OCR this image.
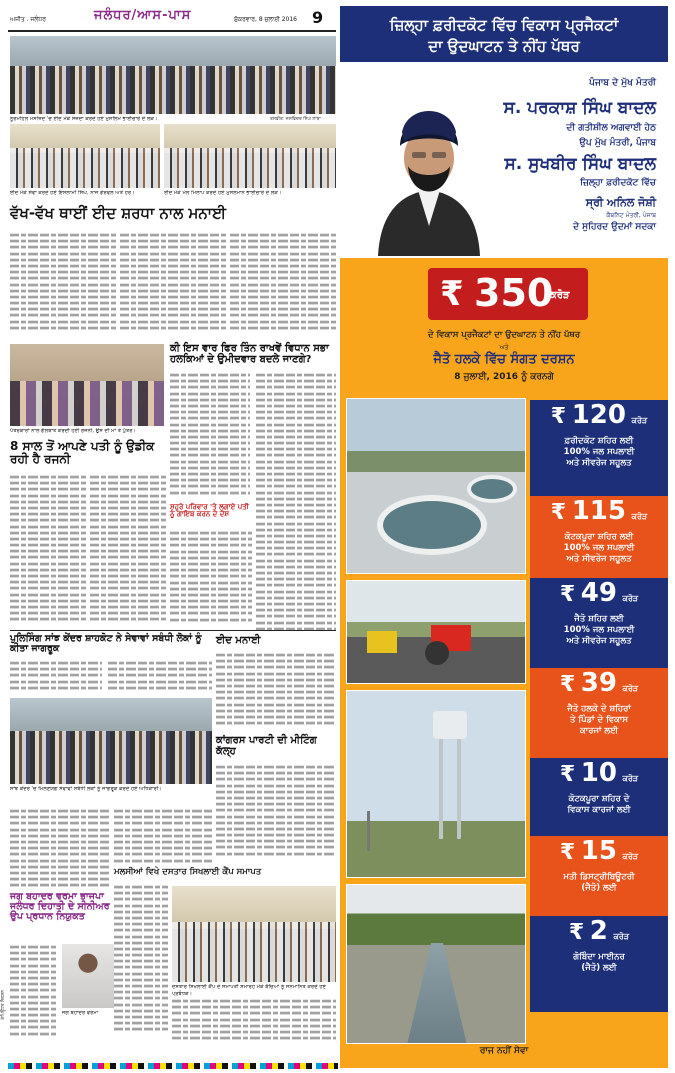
ਅਜੀਤ . ਜਲੰਧਰ	ਜਲੰਧਰ/ਆਸ-ਪਾਸ	ਸ਼ੁੱਕਰਵਾਰ, 8 ਜੁਲਾਈ 2016 9
ਨੂਰਮਹਿਲ ਮਸਜਿਦ 'ਚ ਈਦ ਮੌਕੇ ਸਜਦਾ ਕਰਦੇ ਹੋਏ ਮੁਸਲਿਮ ਭਾਈਚਾਰੇ ਦੇ ਲੋਕ।	ਤਸਵੀਰ: ਜਸਵਿੰਦਰ ਸਿੰਘ ਲਾਂਬਾ
ਈਦ ਮੌਕੇ ਸੇਵਾ ਕਰਦੇ ਹੋਏ ਇਸਲਾਮੀ ਸਿੰਘ, ਨਾਜ ਗੌਰਵਲ ਅਤੇ ਹੋਰ।	ਈਦ ਮੌਕੇ ਮੇਲ ਮਿਲਾਪ ਕਰਦੇ ਹੋਏ ਮੁਸਲਮਾਨ ਭਾਈਚਾਰੇ ਦੇ ਲੋਕ।
ਵੱਖ-ਵੱਖ ਥਾਈਂ ਈਦ ਸ਼ਰਧਾ ਨਾਲ ਮਨਾਈ
ਪੱਤਰਕਾਰਾਂ ਨਾਲ ਗੱਲਬਾਤ ਕਰਦੀ ਹੋਈ ਰਜਨੀ, ਉਸ ਦੀ ਮਾਂ ਤੇ ਪੁੱਤਰ।
ਕੀ ਇਸ ਵਾਰ ਫਿਰ ਤਿੰਨ ਰਾਖਵੇਂ ਵਿਧਾਨ ਸਭਾ ਹਲਕਿਆਂ ਦੇ ਉਮੀਦਵਾਰ ਬਦਲੇ ਜਾਣਗੇ?
8 ਸਾਲ ਤੋਂ ਆਪਣੇ ਪਤੀ ਨੂੰ ਉਡੀਕ ਰਹੀ ਹੈ ਰਜਨੀ
ਸਹੁਰੇ ਪਰਿਵਾਰ 'ਤੇ ਲਗਾਏ ਪਤੀ ਨੂੰ ਗਾਇਬ ਕਰਨ ਦੇ ਦੋਸ਼
ਪੁਲਿਸਿੰਗ ਸਾਂਝ ਕੇਂਦਰ ਸ਼ਾਹਕੋਟ ਨੇ ਸੇਵਾਵਾਂ ਸਬੰਧੀ ਲੋਕਾਂ ਨੂੰ ਕੀਤਾ ਜਾਗਰੂਕ
ਸਾਂਝ ਕੇਂਦਰ 'ਚ ਮਿਲਣਯੋਗ ਸੇਵਾਵਾਂ ਸਬੰਧੀ ਲੋਕਾਂ ਨੂੰ ਜਾਗਰੂਕ ਕਰਦੇ ਹੋਏ ਅਧਿਕਾਰੀ।
ਈਦ ਮਨਾਈ
ਕਾਂਗਰਸ ਪਾਰਟੀ ਦੀ ਮੀਟਿੰਗ ਕੱਲ੍ਹ
ਮਲਸੀਆਂ ਵਿਖੇ ਦਸਤਾਰ ਸਿਖਲਾਈ ਕੈਂਪ ਸਮਾਪਤ
ਦਸਤਾਰ ਸਿਖਲਾਈ ਕੈਂਪ ਦੇ ਸਮਾਪਤੀ ਸਮਾਰੋਹ ਮੌਕੇ ਬੱਚਿਆਂ ਨੂੰ ਸਨਮਾਨਿਤ ਕਰਦੇ ਹੋਏ ਪ੍ਰਬੰਧਕ।
ਜਗ ਬਹਾਦਰ ਵਰਮਾ ਭਾਜਪਾ ਜਲੰਧਰ ਦਿਹਾਤੀ ਦੇ ਸੀਨੀਅਰ ਉਪ ਪ੍ਰਧਾਨ ਨਿਯੁਕਤ
ਜਗ ਬਹਾਦਰ ਵਰਮਾ
ਕੰਪਿਊਟਰ ਸੈਕਸ਼ਨ
ਜ਼ਿਲ੍ਹਾ ਫ਼ਰੀਦਕੋਟ ਵਿੱਚ ਵਿਕਾਸ ਪ੍ਰਜੈਕਟਾਂ
ਦਾ ਉਦਘਾਟਨ ਤੇ ਨੀਂਹ ਪੱਥਰ
ਪੰਜਾਬ ਦੇ ਮੁੱਖ ਮੰਤਰੀ
ਸ. ਪਰਕਾਸ਼ ਸਿੰਘ ਬਾਦਲ
ਦੀ ਗਤੀਸ਼ੀਲ ਅਗਵਾਈ ਹੇਠ
ਉਪ ਮੁੱਖ ਮੰਤਰੀ, ਪੰਜਾਬ
ਸ. ਸੁਖਬੀਰ ਸਿੰਘ ਬਾਦਲ
ਜ਼ਿਲ੍ਹਾ ਫ਼ਰੀਦਕੋਟ ਵਿੱਚ
ਸ੍ਰੀ ਅਨਿਲ ਜੋਸ਼ੀ
ਕੈਬਨਿਟ ਮੰਤਰੀ, ਪੰਜਾਬ
ਦੇ ਸੁਹਿਰਦ ਉਦਮਾਂ ਸਦਕਾ
₹ 350
ਕਰੋੜ
ਦੇ ਵਿਕਾਸ ਪ੍ਰਜੈਕਟਾਂ ਦਾ ਉਦਘਾਟਨ ਤੇ ਨੀਂਹ ਪੱਥਰ
ਅਤੇ
ਜੈਤੋ ਹਲਕੇ ਵਿੱਚ ਸੰਗਤ ਦਰਸ਼ਨ
8 ਜੁਲਾਈ, 2016 ਨੂੰ ਕਰਨਗੇ
₹ 120 ਕਰੋੜ
ਫ਼ਰੀਦਕੋਟ ਸ਼ਹਿਰ ਲਈ
100% ਜਲ ਸਪਲਾਈ
ਅਤੇ ਸੀਵਰੇਜ ਸਹੂਲਤ
₹ 115 ਕਰੋੜ
ਕੋਟਕਪੂਰਾ ਸ਼ਹਿਰ ਲਈ
100% ਜਲ ਸਪਲਾਈ
ਅਤੇ ਸੀਵਰੇਜ ਸਹੂਲਤ
₹ 49 ਕਰੋੜ
ਜੈਤੋ ਸ਼ਹਿਰ ਲਈ
100% ਜਲ ਸਪਲਾਈ
ਅਤੇ ਸੀਵਰੇਜ ਸਹੂਲਤ
₹ 39 ਕਰੋੜ
ਜੈਤੋ ਹਲਕੇ ਦੇ ਸ਼ਹਿਰਾਂ
ਤੇ ਪਿੰਡਾਂ ਦੇ ਵਿਕਾਸ
ਕਾਰਜਾਂ ਲਈ
₹ 10 ਕਰੋੜ
ਕੋਟਕਪੂਰਾ ਸ਼ਹਿਰ ਦੇ
ਵਿਕਾਸ ਕਾਰਜਾਂ ਲਈ
₹ 15 ਕਰੋੜ
ਮਤੀ ਡਿਸਟ੍ਰੀਬਿਊਟਰੀ
(ਜੈਤੋ) ਲਈ
₹ 2 ਕਰੋੜ
ਗੋਬਿੰਦਾ ਮਾਈਨਰ
(ਜੈਤੋ) ਲਈ
ਰਾਜ ਨਹੀਂ ਸੇਵਾ
